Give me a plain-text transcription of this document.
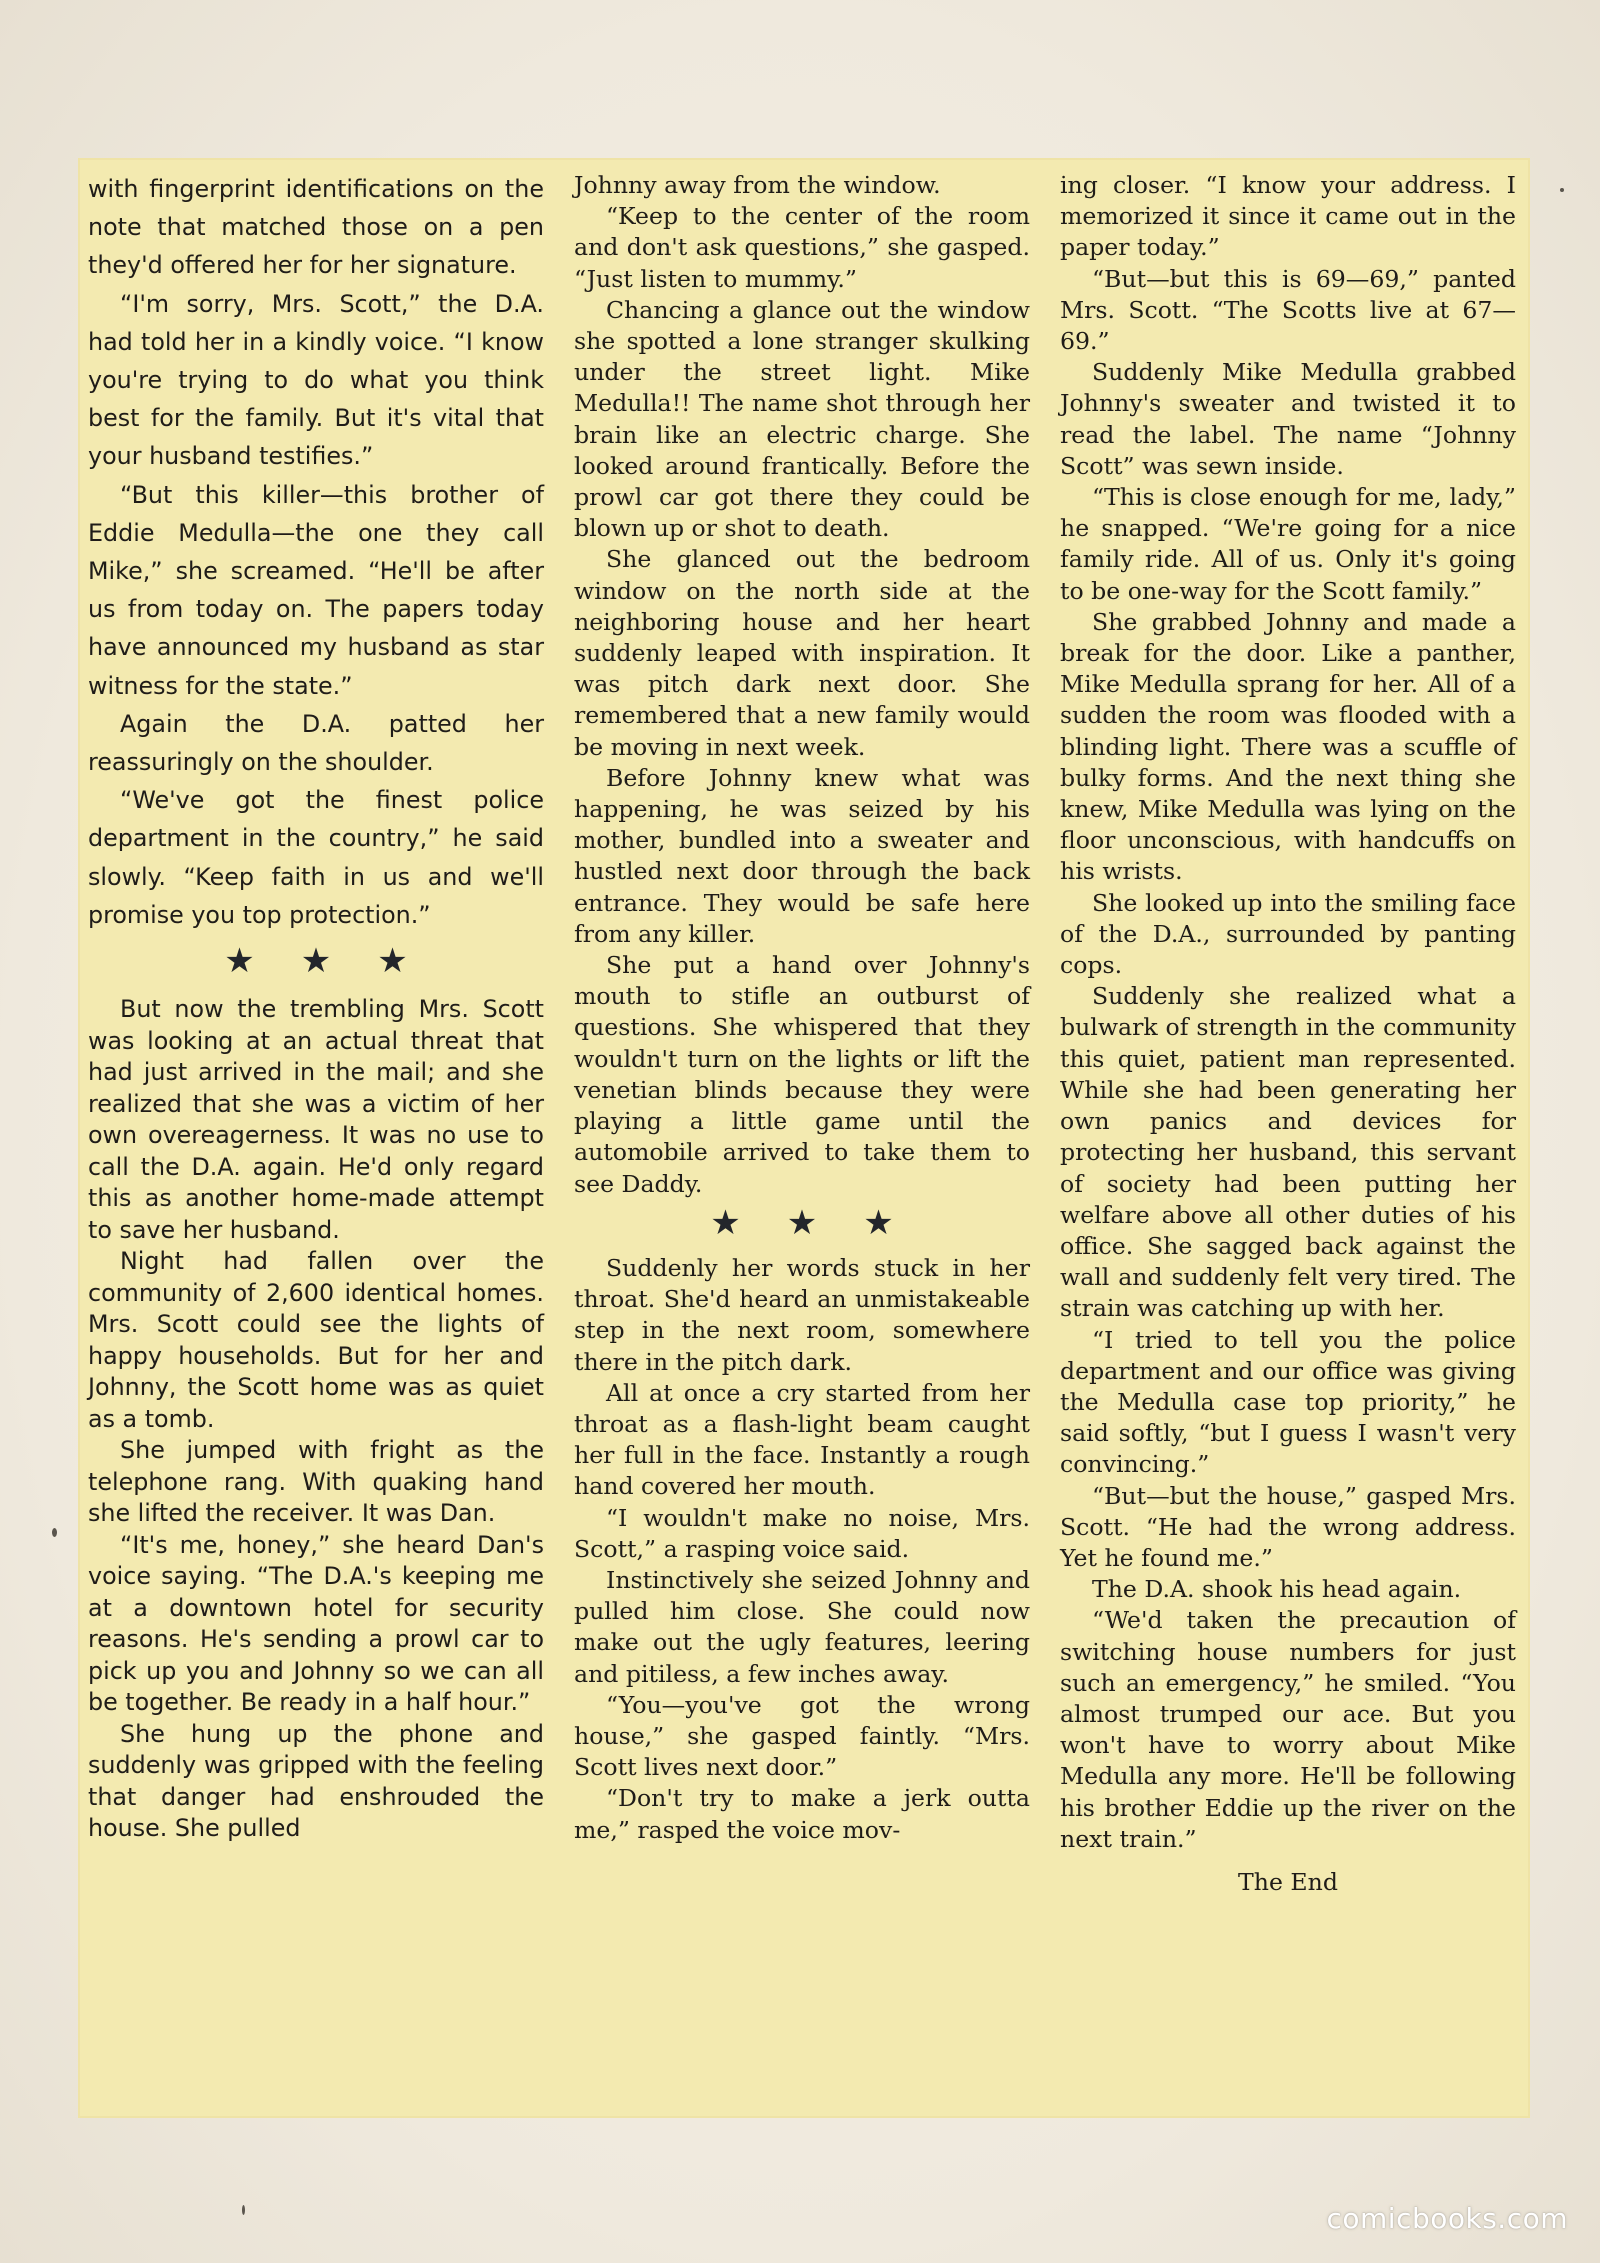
with fingerprint identifications on the note that matched those on a pen they'd offered her for her signature.

“I'm sorry, Mrs. Scott,” the D.A. had told her in a kindly voice. “I know you're trying to do what you think best for the family. But it's vital that your husband testifies.”

“But this killer—this brother of Eddie Medulla—the one they call Mike,” she screamed. “He'll be after us from today on. The papers today have announced my husband as star witness for the state.”

Again the D.A. patted her reassuringly on the shoulder.

“We've got the finest police department in the country,” he said slowly. “Keep faith in us and we'll promise you top protection.”

★ ★ ★

But now the trembling Mrs. Scott was looking at an actual threat that had just arrived in the mail; and she realized that she was a victim of her own overeagerness. It was no use to call the D.A. again. He'd only regard this as another home-made attempt to save her husband.

Night had fallen over the community of 2,600 identical homes. Mrs. Scott could see the lights of happy households. But for her and Johnny, the Scott home was as quiet as a tomb.

She jumped with fright as the telephone rang. With quaking hand she lifted the receiver. It was Dan.

“It's me, honey,” she heard Dan's voice saying. “The D.A.'s keeping me at a downtown hotel for security reasons. He's sending a prowl car to pick up you and Johnny so we can all be together. Be ready in a half hour.”

She hung up the phone and suddenly was gripped with the feeling that danger had enshrouded the house. She pulled

Johnny away from the window.

“Keep to the center of the room and don't ask questions,” she gasped. “Just listen to mummy.”

Chancing a glance out the window she spotted a lone stranger skulking under the street light. Mike Medulla!! The name shot through her brain like an electric charge. She looked around frantically. Before the prowl car got there they could be blown up or shot to death.

She glanced out the bedroom window on the north side at the neighboring house and her heart suddenly leaped with inspiration. It was pitch dark next door. She remembered that a new family would be moving in next week.

Before Johnny knew what was happening, he was seized by his mother, bundled into a sweater and hustled next door through the back entrance. They would be safe here from any killer.

She put a hand over Johnny's mouth to stifle an outburst of questions. She whispered that they wouldn't turn on the lights or lift the venetian blinds because they were playing a little game until the automobile arrived to take them to see Daddy.

★ ★ ★

Suddenly her words stuck in her throat. She'd heard an unmistakeable step in the next room, somewhere there in the pitch dark.

All at once a cry started from her throat as a flash-light beam caught her full in the face. Instantly a rough hand covered her mouth.

“I wouldn't make no noise, Mrs. Scott,” a rasping voice said.

Instinctively she seized Johnny and pulled him close. She could now make out the ugly features, leering and pitiless, a few inches away.

“You—you've got the wrong house,” she gasped faintly. “Mrs. Scott lives next door.”

“Don't try to make a jerk outta me,” rasped the voice mov-

ing closer. “I know your address. I memorized it since it came out in the paper today.”

“But—but this is 69—69,” panted Mrs. Scott. “The Scotts live at 67—69.”

Suddenly Mike Medulla grabbed Johnny's sweater and twisted it to read the label. The name “Johnny Scott” was sewn inside.

“This is close enough for me, lady,” he snapped. “We're going for a nice family ride. All of us. Only it's going to be one-way for the Scott family.”

She grabbed Johnny and made a break for the door. Like a panther, Mike Medulla sprang for her. All of a sudden the room was flooded with a blinding light. There was a scuffle of bulky forms. And the next thing she knew, Mike Medulla was lying on the floor unconscious, with handcuffs on his wrists.

She looked up into the smiling face of the D.A., surrounded by panting cops.

Suddenly she realized what a bulwark of strength in the community this quiet, patient man represented. While she had been generating her own panics and devices for protecting her husband, this servant of society had been putting her welfare above all other duties of his office. She sagged back against the wall and suddenly felt very tired. The strain was catching up with her.

“I tried to tell you the police department and our office was giving the Medulla case top priority,” he said softly, “but I guess I wasn't very convincing.”

“But—but the house,” gasped Mrs. Scott. “He had the wrong address. Yet he found me.”

The D.A. shook his head again.

“We'd taken the precaution of switching house numbers for just such an emergency,” he smiled. “You almost trumped our ace. But you won't have to worry about Mike Medulla any more. He'll be following his brother Eddie up the river on the next train.”

The End

comicbooks.com
